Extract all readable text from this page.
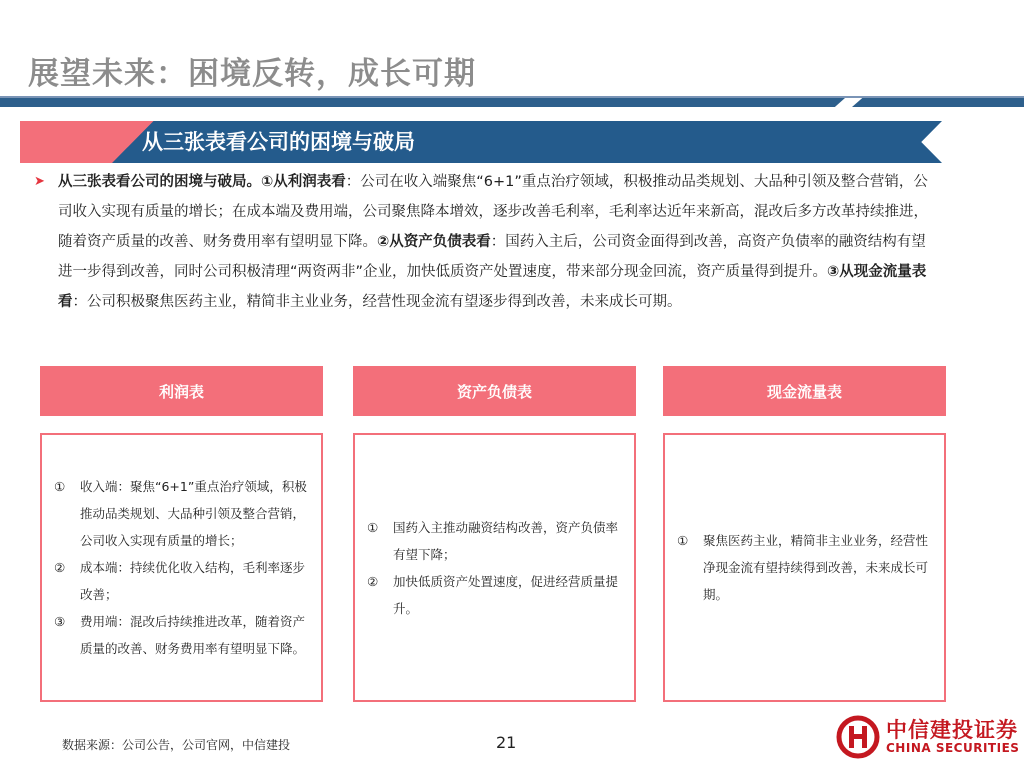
展望未来：困境反转，成长可期
从三张表看公司的困境与破局
➤ 从三张表看公司的困境与破局。①从利润表看：公司在收入端聚焦“6+1”重点治疗领域，积极推动品类规划、大品种引领及整合营销，公司收入实现有质量的增长；在成本端及费用端，公司聚焦降本增效，逐步改善毛利率，毛利率达近年来新高，混改后多方改革持续推进，随着资产质量的改善、财务费用率有望明显下降。②从资产负债表看：国药入主后，公司资金面得到改善，高资产负债率的融资结构有望进一步得到改善，同时公司积极清理“两资两非”企业，加快低质资产处置速度，带来部分现金回流，资产质量得到提升。③从现金流量表看：公司积极聚焦医药主业，精简非主业业务，经营性现金流有望逐步得到改善，未来成长可期。
利润表
①	收入端：聚焦“6+1”重点治疗领域，积极推动品类规划、大品种引领及整合营销，公司收入实现有质量的增长；
②	成本端：持续优化收入结构，毛利率逐步改善；
③	费用端：混改后持续推进改革，随着资产质量的改善、财务费用率有望明显下降。
资产负债表
①	国药入主推动融资结构改善，资产负债率有望下降；
②	加快低质资产处置速度，促进经营质量提升。
现金流量表
①	聚焦医药主业，精简非主业业务，经营性净现金流有望持续得到改善，未来成长可期。
数据来源：公司公告，公司官网，中信建投	21
中信建投证券
CHINA SECURITIES
